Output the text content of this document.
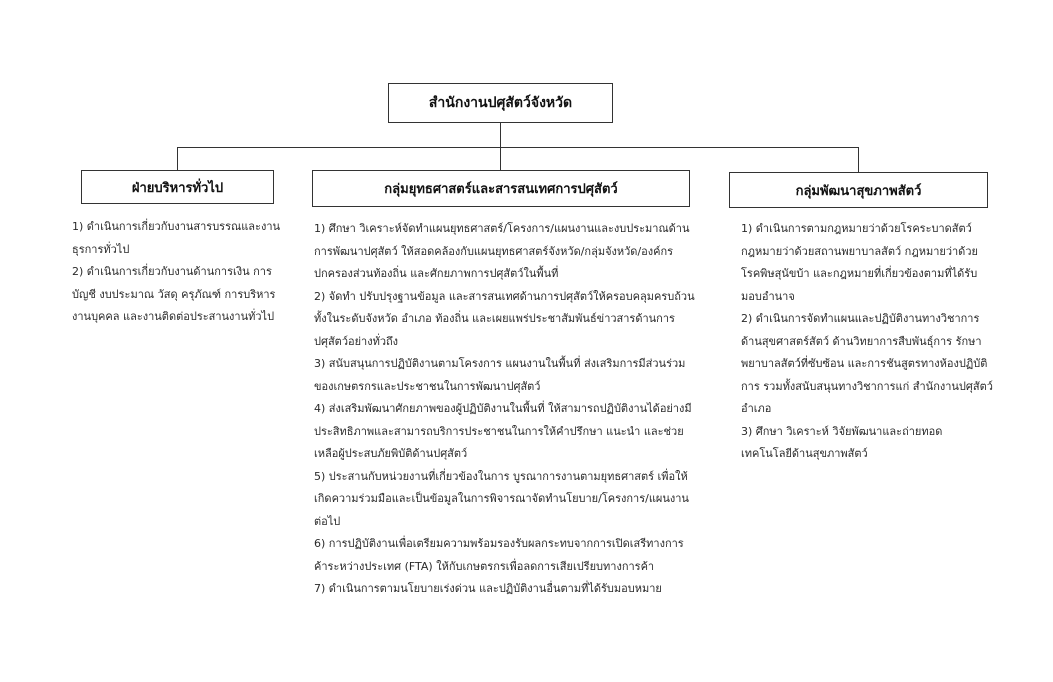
สำนักงานปศุสัตว์จังหวัด
ฝ่ายบริหารทั่วไป	กลุ่มยุทธศาสตร์และสารสนเทศการปศุสัตว์	กลุ่มพัฒนาสุขภาพสัตว์
1) ดำเนินการเกี่ยวกับงานสารบรรณและงานธุรการทั่วไป
2) ดำเนินการเกี่ยวกับงานด้านการเงิน การบัญชี งบประมาณ วัสดุ ครุภัณฑ์ การบริหารงานบุคคล และงานติดต่อประสานงานทั่วไป
1) ศึกษา วิเคราะห์จัดทำแผนยุทธศาสตร์/โครงการ/แผนงานและงบประมาณด้านการพัฒนาปศุสัตว์ ให้สอดคล้องกับแผนยุทธศาสตร์จังหวัด/กลุ่มจังหวัด/องค์กรปกครองส่วนท้องถิ่น และศักยภาพการปศุสัตว์ในพื้นที่
2) จัดทำ ปรับปรุงฐานข้อมูล และสารสนเทศด้านการปศุสัตว์ให้ครอบคลุมครบถ้วน ทั้งในระดับจังหวัด อำเภอ ท้องถิ่น และเผยแพร่ประชาสัมพันธ์ข่าวสารด้านการปศุสัตว์อย่างทั่วถึง
3) สนับสนุนการปฏิบัติงานตามโครงการ แผนงานในพื้นที่ ส่งเสริมการมีส่วนร่วมของเกษตรกรและประชาชนในการพัฒนาปศุสัตว์
4) ส่งเสริมพัฒนาศักยภาพของผู้ปฏิบัติงานในพื้นที่ ให้สามารถปฏิบัติงานได้อย่างมีประสิทธิภาพและสามารถบริการประชาชนในการให้คำปรึกษา แนะนำ และช่วยเหลือผู้ประสบภัยพิบัติด้านปศุสัตว์
5) ประสานกับหน่วยงานที่เกี่ยวข้องในการ บูรณาการงานตามยุทธศาสตร์ เพื่อให้เกิดความร่วมมือและเป็นข้อมูลในการพิจารณาจัดทำนโยบาย/โครงการ/แผนงาน ต่อไป
6) การปฏิบัติงานเพื่อเตรียมความพร้อมรองรับผลกระทบจากการเปิดเสรีทางการค้าระหว่างประเทศ (FTA) ให้กับเกษตรกรเพื่อลดการเสียเปรียบทางการค้า
7) ดำเนินการตามนโยบายเร่งด่วน และปฏิบัติงานอื่นตามที่ได้รับมอบหมาย
1) ดำเนินการตามกฎหมายว่าด้วยโรคระบาดสัตว์ กฎหมายว่าด้วยสถานพยาบาลสัตว์ กฎหมายว่าด้วยโรคพิษสุนัขบ้า และกฎหมายที่เกี่ยวข้องตามที่ได้รับมอบอำนาจ
2) ดำเนินการจัดทำแผนและปฏิบัติงานทางวิชาการด้านสุขศาสตร์สัตว์ ด้านวิทยาการสืบพันธุ์การ รักษาพยาบาลสัตว์ที่ซับซ้อน และการชันสูตรทางห้องปฏิบัติการ รวมทั้งสนับสนุนทางวิชาการแก่ สำนักงานปศุสัตว์อำเภอ
3) ศึกษา วิเคราะห์ วิจัยพัฒนาและถ่ายทอดเทคโนโลยีด้านสุขภาพสัตว์
